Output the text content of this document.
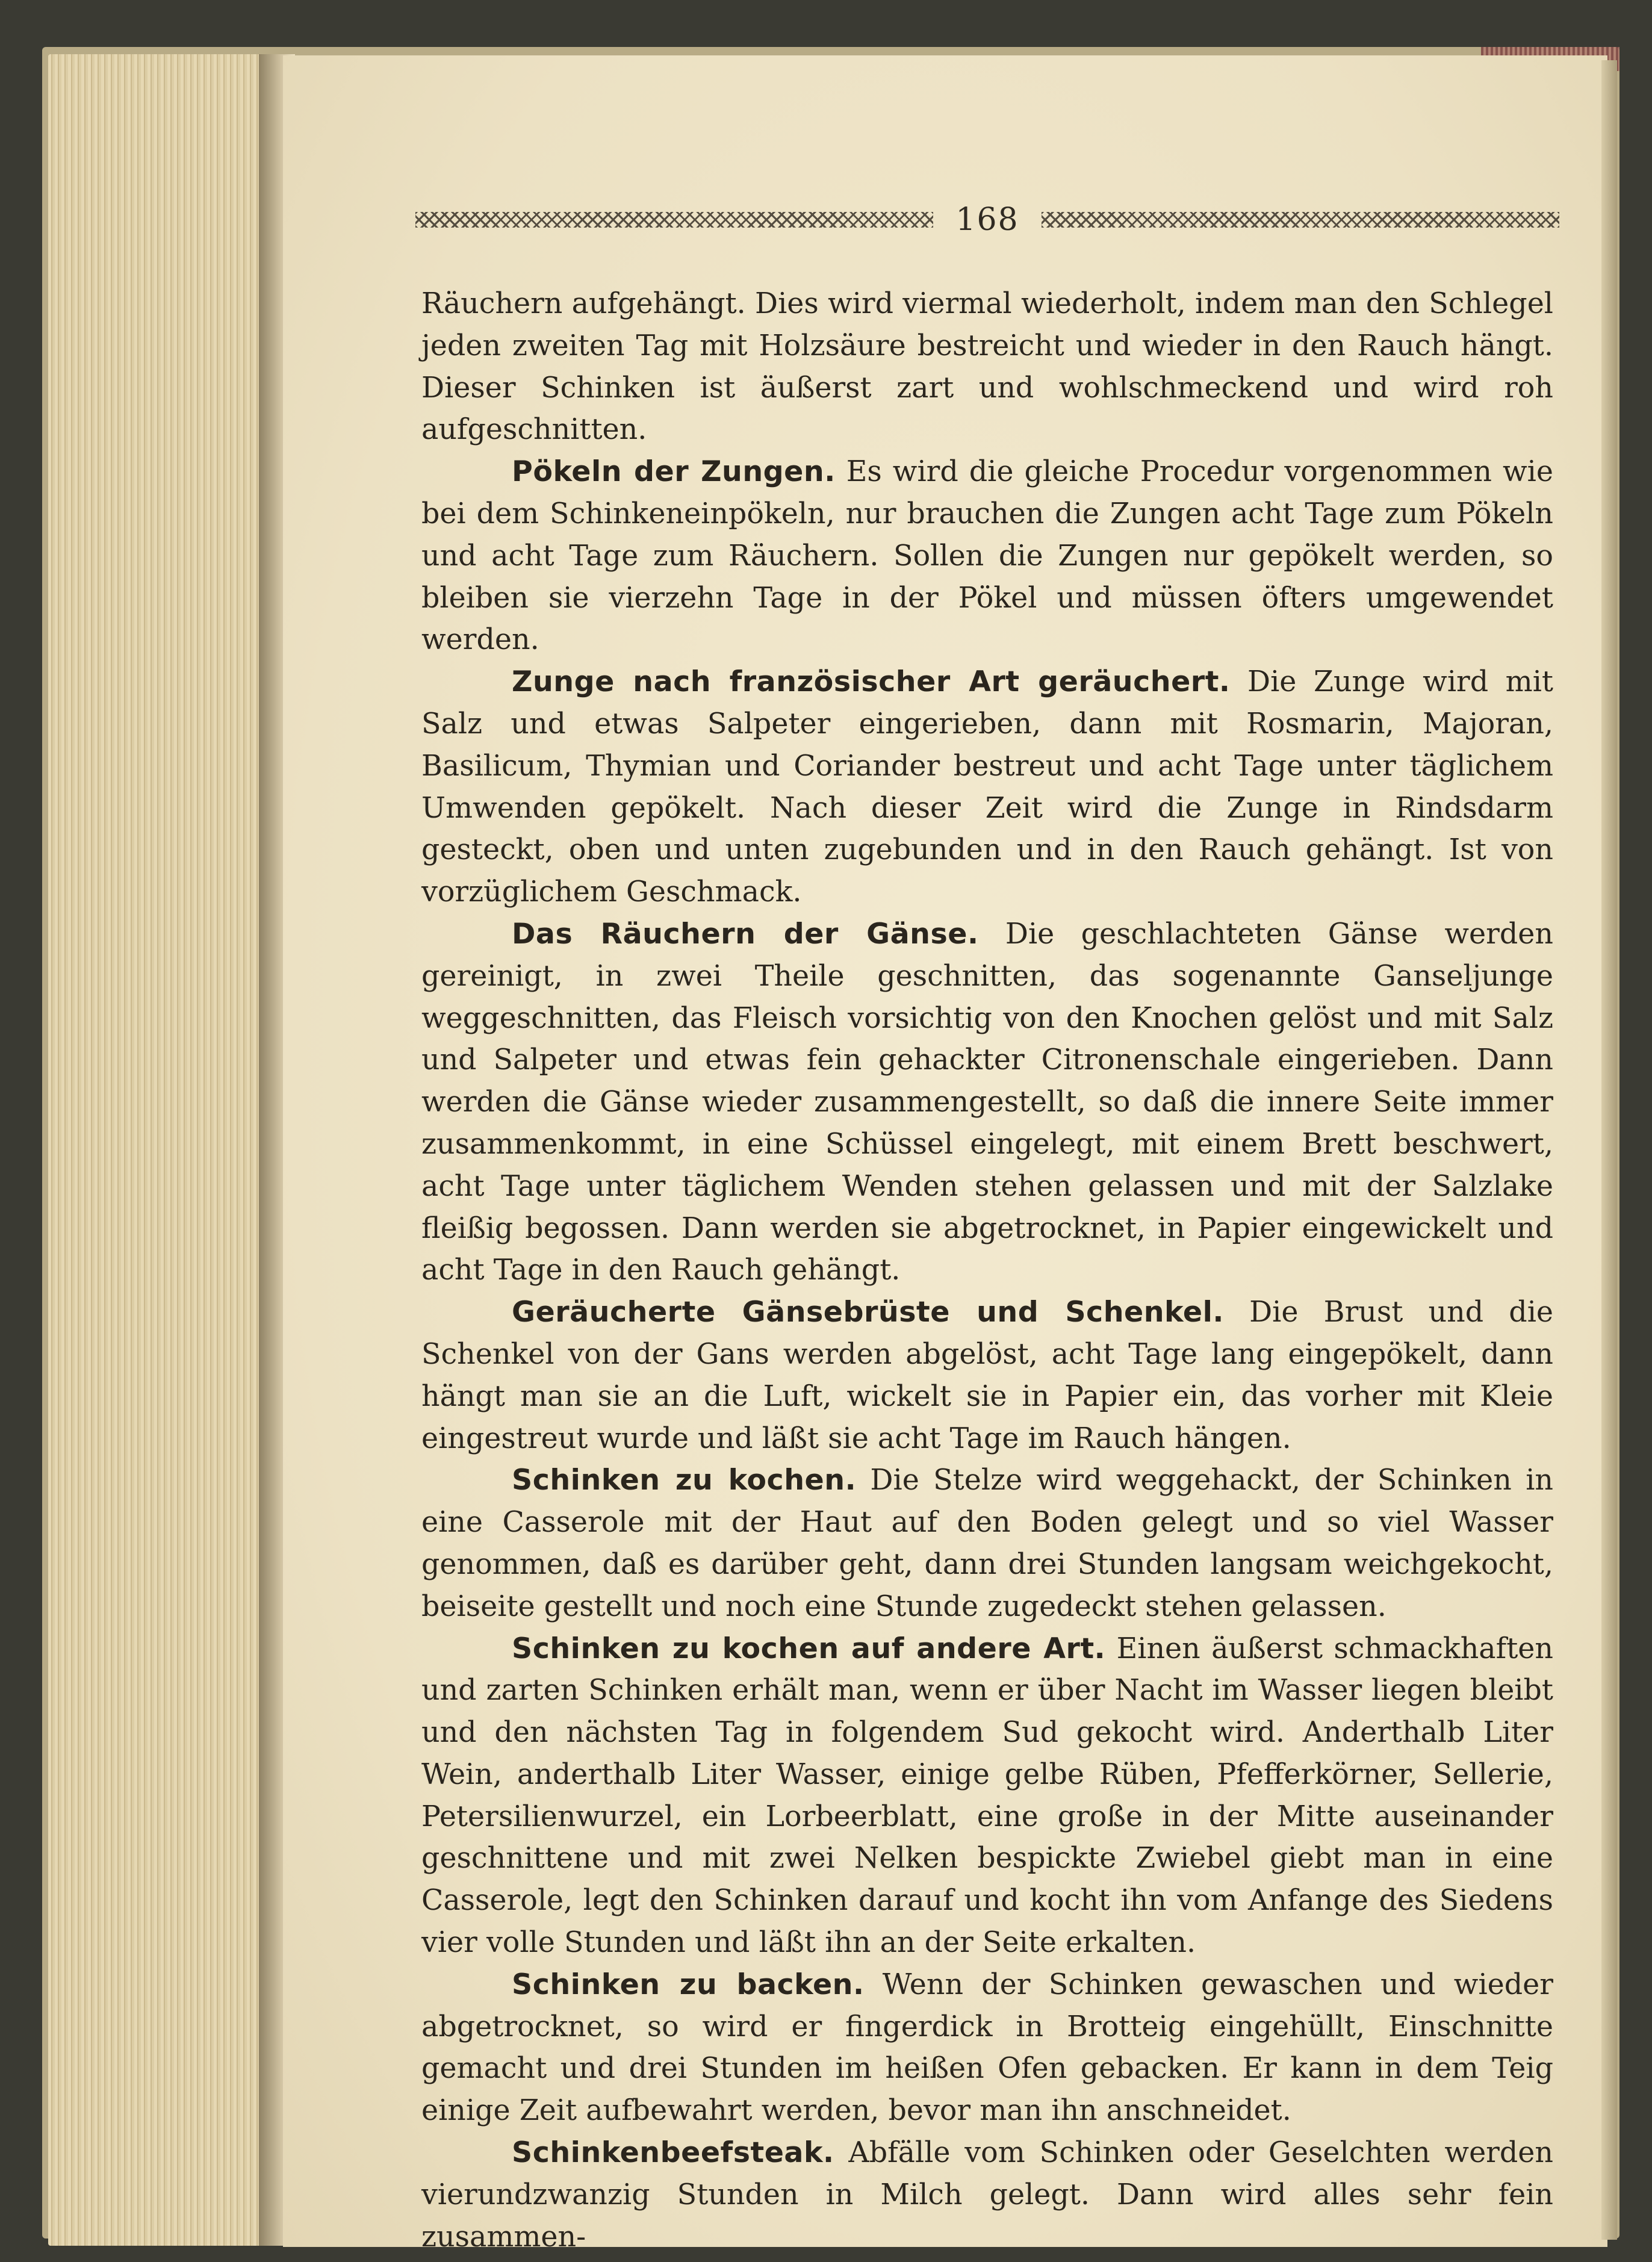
168

Räuchern aufgehängt. Dies wird viermal wiederholt, indem man den Schlegel jeden zweiten Tag mit Holzsäure bestreicht und wieder in den Rauch hängt. Dieser Schinken ist äußerst zart und wohlschmeckend und wird roh aufgeschnitten.

Pökeln der Zungen. Es wird die gleiche Procedur vorgenommen wie bei dem Schinkeneinpökeln, nur brauchen die Zungen acht Tage zum Pökeln und acht Tage zum Räuchern. Sollen die Zungen nur gepökelt werden, so bleiben sie vierzehn Tage in der Pökel und müssen öfters umgewendet werden.

Zunge nach französischer Art geräuchert. Die Zunge wird mit Salz und etwas Salpeter eingerieben, dann mit Rosmarin, Majoran, Basilicum, Thymian und Coriander bestreut und acht Tage unter täglichem Umwenden gepökelt. Nach dieser Zeit wird die Zunge in Rindsdarm gesteckt, oben und unten zugebunden und in den Rauch gehängt. Ist von vorzüglichem Geschmack.

Das Räuchern der Gänse. Die geschlachteten Gänse werden gereinigt, in zwei Theile geschnitten, das sogenannte Ganseljunge weggeschnitten, das Fleisch vorsichtig von den Knochen gelöst und mit Salz und Salpeter und etwas fein gehackter Citronenschale eingerieben. Dann werden die Gänse wieder zusammengestellt, so daß die innere Seite immer zusammenkommt, in eine Schüssel eingelegt, mit einem Brett beschwert, acht Tage unter täglichem Wenden stehen gelassen und mit der Salzlake fleißig begossen. Dann werden sie abgetrocknet, in Papier eingewickelt und acht Tage in den Rauch gehängt.

Geräucherte Gänsebrüste und Schenkel. Die Brust und die Schenkel von der Gans werden abgelöst, acht Tage lang eingepökelt, dann hängt man sie an die Luft, wickelt sie in Papier ein, das vorher mit Kleie eingestreut wurde und läßt sie acht Tage im Rauch hängen.

Schinken zu kochen. Die Stelze wird weggehackt, der Schinken in eine Casserole mit der Haut auf den Boden gelegt und so viel Wasser genommen, daß es darüber geht, dann drei Stunden langsam weichgekocht, beiseite gestellt und noch eine Stunde zugedeckt stehen gelassen.

Schinken zu kochen auf andere Art. Einen äußerst schmackhaften und zarten Schinken erhält man, wenn er über Nacht im Wasser liegen bleibt und den nächsten Tag in folgendem Sud gekocht wird. Anderthalb Liter Wein, anderthalb Liter Wasser, einige gelbe Rüben, Pfefferkörner, Sellerie, Petersilienwurzel, ein Lorbeerblatt, eine große in der Mitte auseinander geschnittene und mit zwei Nelken bespickte Zwiebel giebt man in eine Casserole, legt den Schinken darauf und kocht ihn vom Anfange des Siedens vier volle Stunden und läßt ihn an der Seite erkalten.

Schinken zu backen. Wenn der Schinken gewaschen und wieder abgetrocknet, so wird er fingerdick in Brotteig eingehüllt, Einschnitte gemacht und drei Stunden im heißen Ofen gebacken. Er kann in dem Teig einige Zeit aufbewahrt werden, bevor man ihn anschneidet.

Schinkenbeefsteak. Abfälle vom Schinken oder Geselchten werden vierundzwanzig Stunden in Milch gelegt. Dann wird alles sehr fein zusammen-
